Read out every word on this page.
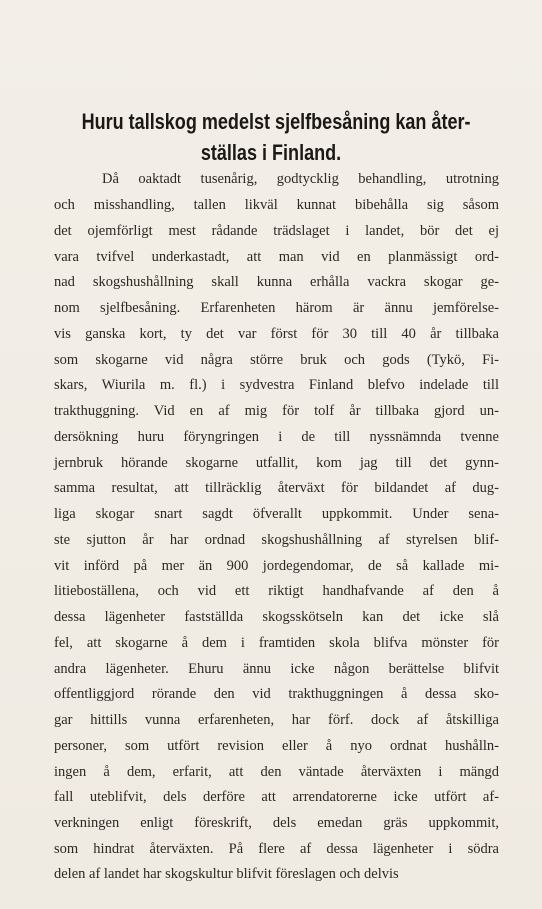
Huru tallskog medelst sjelfbesåning kan åter-
ställas i Finland.

Då oaktadt tusenårig, godtycklig behandling, utrotning

och misshandling, tallen likväl kunnat bibehålla sig såsom

det ojemförligt mest rådande trädslaget i landet, bör det ej

vara tvifvel underkastadt, att man vid en planmässigt ord-

nad skogshushållning skall kunna erhålla vackra skogar ge-

nom sjelfbesåning. Erfarenheten härom är ännu jemförelse-

vis ganska kort, ty det var först för 30 till 40 år tillbaka

som skogarne vid några större bruk och gods (Tykö, Fi-

skars, Wiurila m. fl.) i sydvestra Finland blefvo indelade till

trakthuggning. Vid en af mig för tolf år tillbaka gjord un-

dersökning huru föryngringen i de till nyssnämnda tvenne

jernbruk hörande skogarne utfallit, kom jag till det gynn-

samma resultat, att tillräcklig återväxt för bildandet af dug-

liga skogar snart sagdt öfverallt uppkommit. Under sena-

ste sjutton år har ordnad skogshushållning af styrelsen blif-

vit införd på mer än 900 jordegendomar, de så kallade mi-

litieboställena, och vid ett riktigt handhafvande af den å

dessa lägenheter fastställda skogsskötseln kan det icke slå

fel, att skogarne å dem i framtiden skola blifva mönster för

andra lägenheter. Ehuru ännu icke någon berättelse blifvit

offentliggjord rörande den vid trakthuggningen å dessa sko-

gar hittills vunna erfarenheten, har förf. dock af åtskilliga

personer, som utfört revision eller å nyo ordnat hushålln-

ingen å dem, erfarit, att den väntade återväxten i mängd

fall uteblifvit, dels derföre att arrendatorerne icke utfört af-

verkningen enligt föreskrift, dels emedan gräs uppkommit,

som hindrat återväxten. På flere af dessa lägenheter i södra

delen af landet har skogskultur blifvit föreslagen och delvis
